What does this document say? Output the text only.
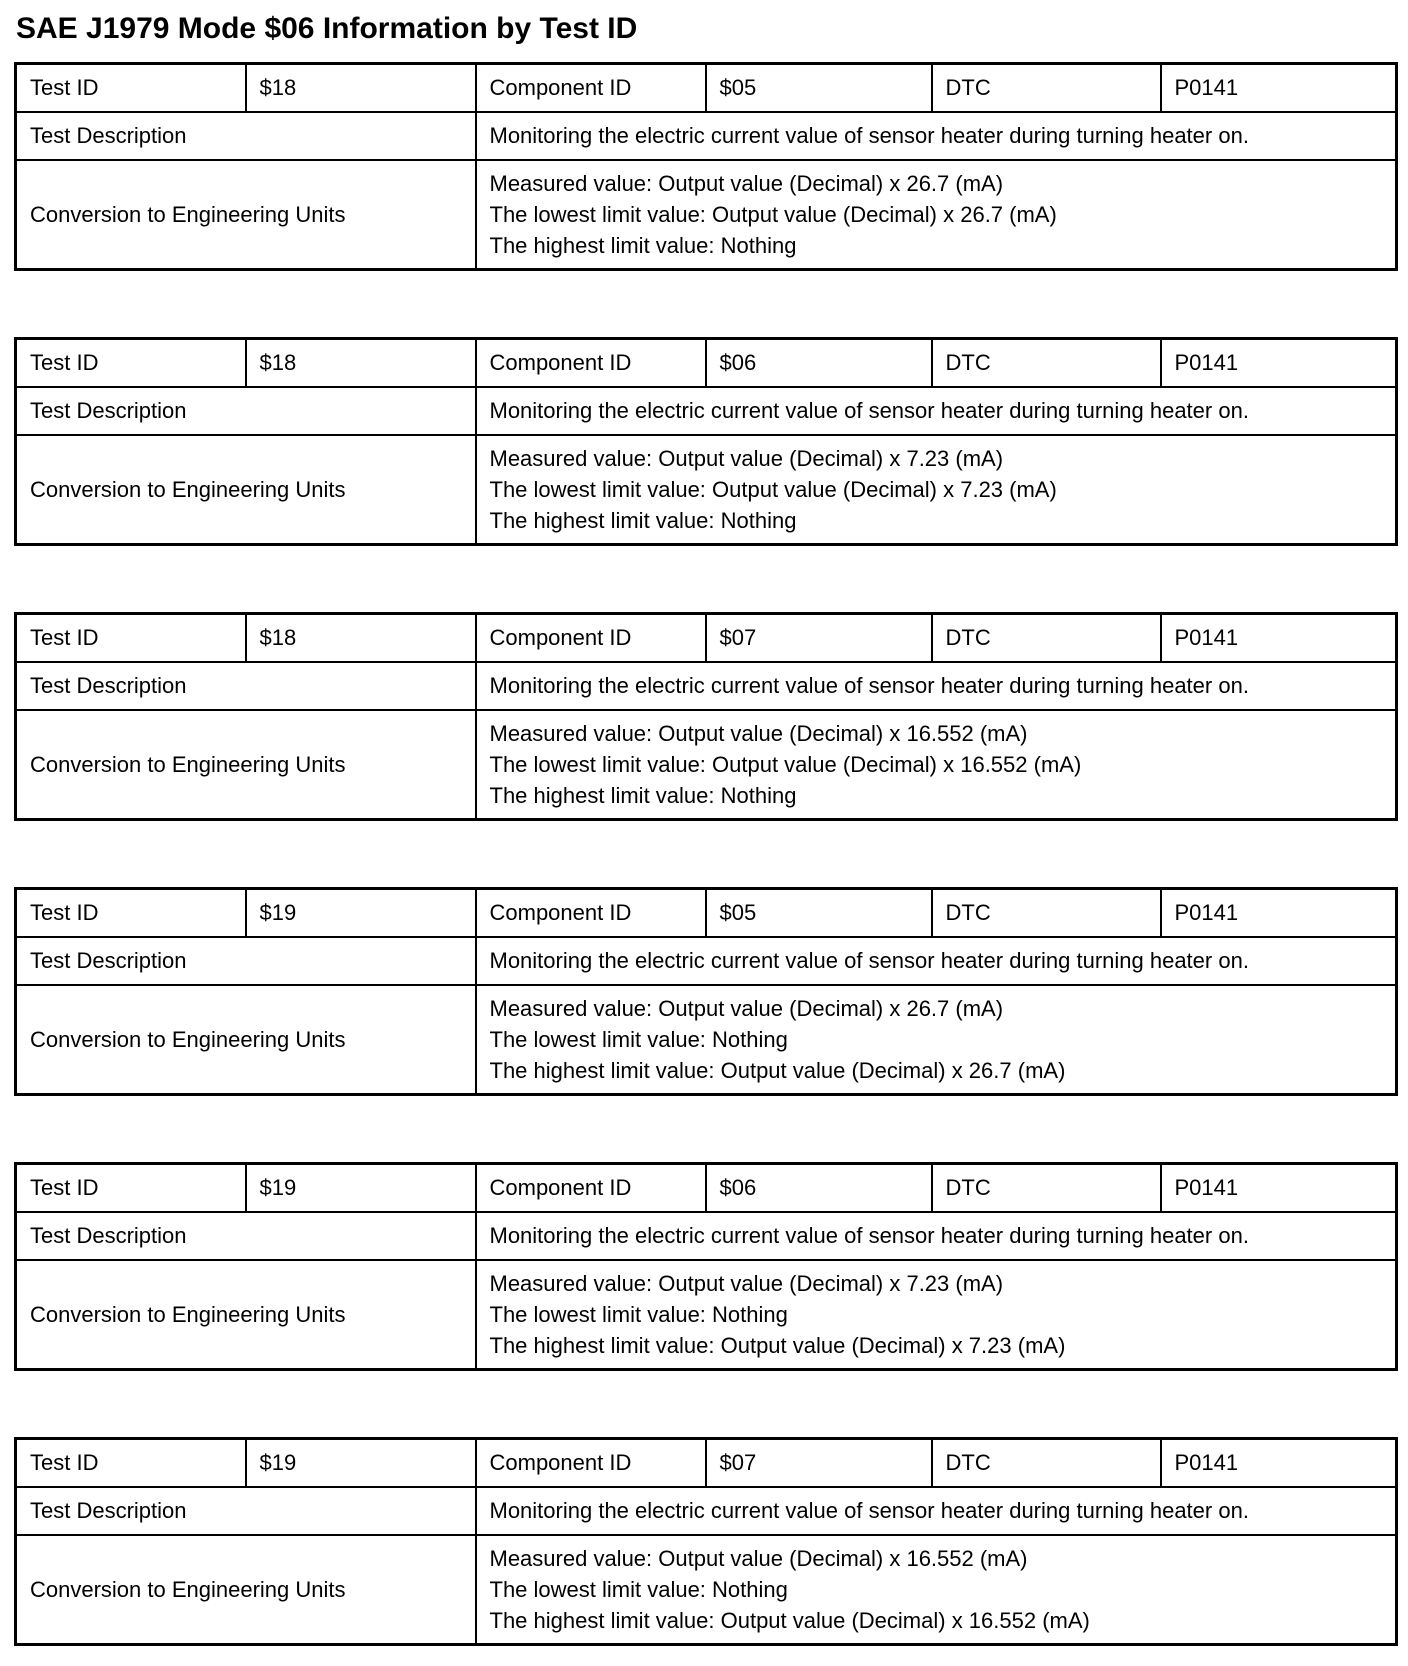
SAE J1979 Mode $06 Information by Test ID
Test ID	$18	Component ID	$05	DTC	P0141
Test Description		Monitoring the electric current value of sensor heater during turning heater on.			
Conversion to Engineering Units		Measured value: Output value (Decimal) x 26.7 (mA)
The lowest limit value: Output value (Decimal) x 26.7 (mA)
The highest limit value: Nothing			
Test ID	$18	Component ID	$06	DTC	P0141
Test Description		Monitoring the electric current value of sensor heater during turning heater on.			
Conversion to Engineering Units		Measured value: Output value (Decimal) x 7.23 (mA)
The lowest limit value: Output value (Decimal) x 7.23 (mA)
The highest limit value: Nothing			
Test ID	$18	Component ID	$07	DTC	P0141
Test Description		Monitoring the electric current value of sensor heater during turning heater on.			
Conversion to Engineering Units		Measured value: Output value (Decimal) x 16.552 (mA)
The lowest limit value: Output value (Decimal) x 16.552 (mA)
The highest limit value: Nothing			
Test ID	$19	Component ID	$05	DTC	P0141
Test Description		Monitoring the electric current value of sensor heater during turning heater on.			
Conversion to Engineering Units		Measured value: Output value (Decimal) x 26.7 (mA)
The lowest limit value: Nothing
The highest limit value: Output value (Decimal) x 26.7 (mA)			
Test ID	$19	Component ID	$06	DTC	P0141
Test Description		Monitoring the electric current value of sensor heater during turning heater on.			
Conversion to Engineering Units		Measured value: Output value (Decimal) x 7.23 (mA)
The lowest limit value: Nothing
The highest limit value: Output value (Decimal) x 7.23 (mA)			
Test ID	$19	Component ID	$07	DTC	P0141
Test Description		Monitoring the electric current value of sensor heater during turning heater on.			
Conversion to Engineering Units		Measured value: Output value (Decimal) x 16.552 (mA)
The lowest limit value: Nothing
The highest limit value: Output value (Decimal) x 16.552 (mA)			
